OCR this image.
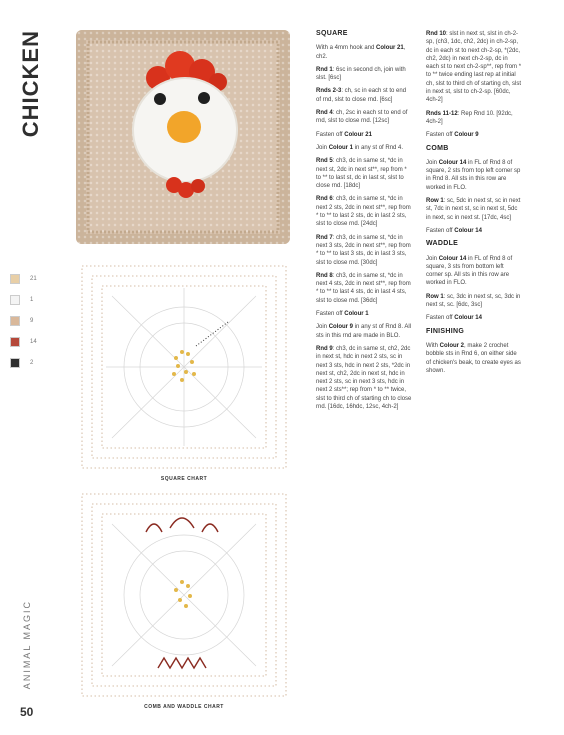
CHICKEN
21
1
9
14
2
SQUARE CHART
COMB AND WADDLE CHART
SQUARE

With a 4mm hook and Colour 21, ch2.

Rnd 1: 6sc in second ch, join with slst. [6sc]

Rnds 2-3: ch, sc in each st to end of rnd, slst to close rnd. [6sc]

Rnd 4: ch, 2sc in each st to end of rnd, slst to close rnd. [12sc]

Fasten off Colour 21

Join Colour 1 in any st of Rnd 4.

Rnd 5: ch3, dc in same st, *dc in next st, 2dc in next st**, rep from * to ** to last st, dc in last st, slst to close rnd. [18dc]

Rnd 6: ch3, dc in same st, *dc in next 2 sts, 2dc in next st**, rep from * to ** to last 2 sts, dc in last 2 sts, slst to close rnd. [24dc]

Rnd 7: ch3, dc in same st, *dc in next 3 sts, 2dc in next st**, rep from * to ** to last 3 sts, dc in last 3 sts, slst to close rnd. [30dc]

Rnd 8: ch3, dc in same st, *dc in next 4 sts, 2dc in next st**, rep from * to ** to last 4 sts, dc in last 4 sts, slst to close rnd. [36dc]

Fasten off Colour 1

Join Colour 9 in any st of Rnd 8. All sts in this rnd are made in BLO.

Rnd 9: ch3, dc in same st, ch2, 2dc in next st, hdc in next 2 sts, sc in next 3 sts, hdc in next 2 sts, *2dc in next st, ch2, 2dc in next st, hdc in next 2 sts, sc in next 3 sts, hdc in next 2 sts**; rep from * to ** twice, slst to third ch of starting ch to close rnd. [16dc, 16hdc, 12sc, 4ch-2]

Rnd 10: slst in next st, slst in ch-2-sp, (ch3, 1dc, ch2, 2dc) in ch-2-sp, dc in each st to next ch-2-sp, *(2dc, ch2, 2dc) in next ch-2-sp, dc in each st to next ch-2-sp**, rep from * to ** twice ending last rep at initial ch, slst to third ch of starting ch, slst in next st, slst to ch-2-sp. [60dc, 4ch-2]

Rnds 11-12: Rep Rnd 10. [92dc, 4ch-2]

Fasten off Colour 9

COMB

Join Colour 14 in FL of Rnd 8 of square, 2 sts from top left corner sp in Rnd 8. All sts in this row are worked in FLO.

Row 1: sc, 5dc in next st, sc in next st, 7dc in next st, sc in next st, 5dc in next, sc in next st. [17dc, 4sc]

Fasten off Colour 14

WADDLE

Join Colour 14 in FL of Rnd 8 of square, 3 sts from bottom left corner sp. All sts in this row are worked in FLO.

Row 1: sc, 3dc in next st, sc, 3dc in next st, sc. [6dc, 3sc]

Fasten off Colour 14

FINISHING

With Colour 2, make 2 crochet bobble sts in Rnd 6, on either side of chicken's beak, to create eyes as shown.

ANIMAL MAGIC
50
